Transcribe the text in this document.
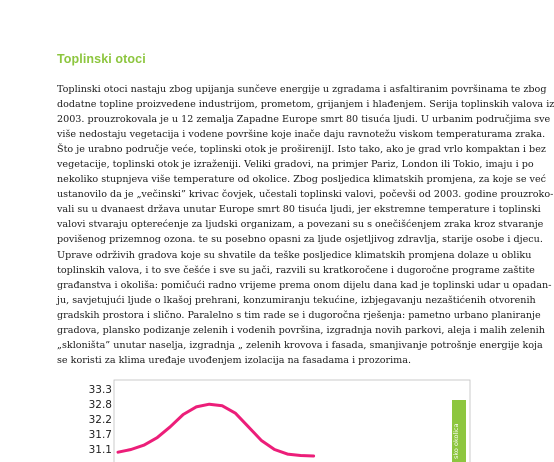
Toplinski otoci
Toplinski otoci nastaju zbog upijanja sunčeve energije u zgradama i asfaltiranim površinama te zbog
dodatne topline proizvedene industrijom, prometom, grijanjem i hlađenjem. Serija toplinskih valova iz
2003. prouzrokovala je u 12 zemalja Zapadne Europe smrt 80 tisuća ljudi. U urbanim područjima sve
više nedostaju vegetacija i vodene površine koje inače daju ravnotežu viskom temperaturama zraka.
Što je urabno područje veće, toplinski otok je proširenijI. Isto tako, ako je grad vrlo kompaktan i bez
vegetacije, toplinski otok je izraženiji. Veliki gradovi, na primjer Pariz, London ili Tokio, imaju i po
nekoliko stupnjeva više temperature od okolice. Zbog posljedica klimatskih promjena, za koje se već
ustanovilo da je „večinski” krivac čovjek, učestali toplinski valovi, počevši od 2003. godine prouzroko-
vali su u dvanaest država unutar Europe smrt 80 tisuća ljudi, jer ekstremne temperature i toplinski
valovi stvaraju opterećenje za ljudski organizam, a povezani su s onečišćenjem zraka kroz stvaranje
povišenog prizemnog ozona. te su posebno opasni za ljude osjetljivog zdravlja, starije osobe i djecu.
Uprave održivih gradova koje su shvatile da teške posljedice klimatskih promjena dolaze u obliku
toplinskih valova, i to sve češće i sve su jači, razvili su kratkoročene i dugoročne programe zaštite
građanstva i okoliša: pomičući radno vrijeme prema onom dijelu dana kad je toplinski udar u opadan-
ju, savjetujući ljude o lkašoj prehrani, konzumiranju tekućine, izbjegavanju nezaštićenih otvorenih
gradskih prostora i slično. Paralelno s tim rade se i dugoročna rješenja: pametno urbano planiranje
gradova, plansko podizanje zelenih i vodenih površina, izgradnja novih parkovi, aleja i malih zelenih
„skloništa” unutar naselja, izgradnja „ zelenih krovova i fasada, smanjivanje potrošnje energije koja
se koristi za klima uređaje uvođenjem izolacija na fasadama i prozorima.
33.3
32.8
32.2
31.7
31.1	sko okolica
